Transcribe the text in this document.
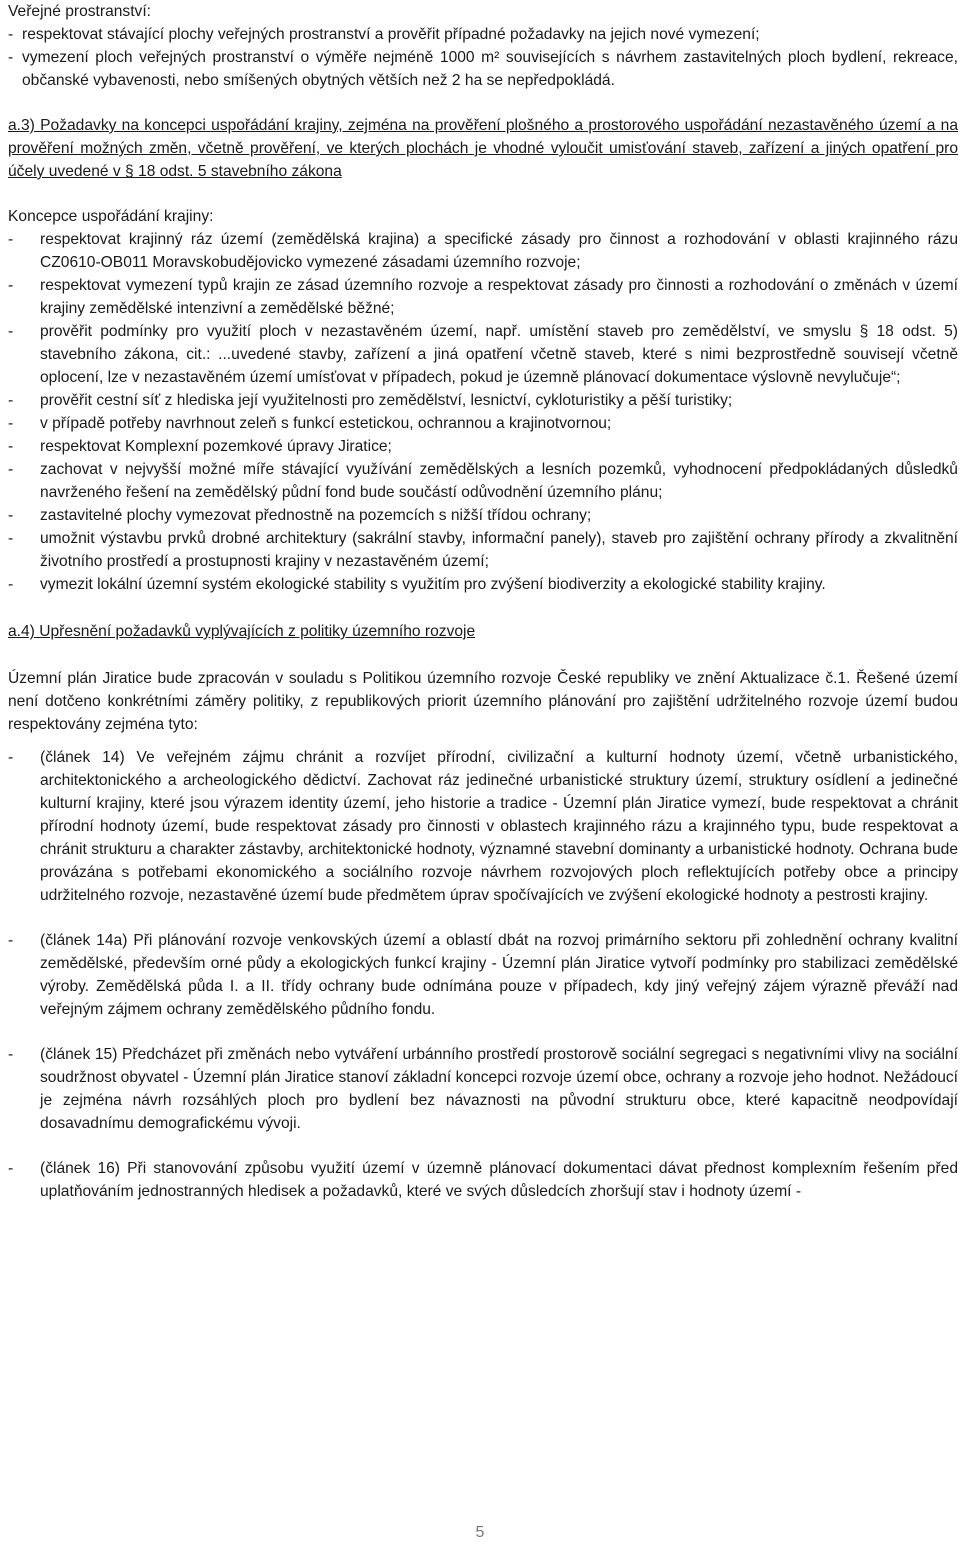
Veřejné prostranství:

- respektovat stávající plochy veřejných prostranství a prověřit případné požadavky na jejich nové vymezení;
- vymezení ploch veřejných prostranství o výměře nejméně 1000 m² souvisejících s návrhem zastavitelných ploch bydlení, rekreace, občanské vybavenosti, nebo smíšených obytných větších než 2 ha se nepředpokládá.

a.3) Požadavky na koncepci uspořádání krajiny, zejména na prověření plošného a prostorového uspořádání nezastavěného území a na prověření možných změn, včetně prověření, ve kterých plochách je vhodné vyloučit umisťování staveb, zařízení a jiných opatření pro účely uvedené v § 18 odst. 5 stavebního zákona

Koncepce uspořádání krajiny:

-	respektovat krajinný ráz území (zemědělská krajina) a specifické zásady pro činnost a rozhodování v oblasti krajinného rázu CZ0610-OB011 Moravskobudějovicko vymezené zásadami územního rozvoje;
-	respektovat vymezení typů krajin ze zásad územního rozvoje a respektovat zásady pro činnosti a rozhodování o změnách v území krajiny zemědělské intenzivní a zemědělské běžné;
-	prověřit podmínky pro využití ploch v nezastavěném území, např. umístění staveb pro zemědělství, ve smyslu § 18 odst. 5) stavebního zákona, cit.: ...uvedené stavby, zařízení a jiná opatření včetně staveb, které s nimi bezprostředně souvisejí včetně oplocení, lze v nezastavěném území umísťovat v případech, pokud je územně plánovací dokumentace výslovně nevylučuje“;
-	prověřit cestní síť z hlediska její využitelnosti pro zemědělství, lesnictví, cykloturistiky a pěší turistiky;
-	v případě potřeby navrhnout zeleň s funkcí estetickou, ochrannou a krajinotvornou;
-	respektovat Komplexní pozemkové úpravy Jiratice;
-	zachovat v nejvyšší možné míře stávající využívání zemědělských a lesních pozemků, vyhodnocení předpokládaných důsledků navrženého řešení na zemědělský půdní fond bude součástí odůvodnění územního plánu;
-	zastavitelné plochy vymezovat přednostně na pozemcích s nižší třídou ochrany;
-	umožnit výstavbu prvků drobné architektury (sakrální stavby, informační panely), staveb pro zajištění ochrany přírody a zkvalitnění životního prostředí a prostupnosti krajiny v nezastavěném území;
-	vymezit lokální územní systém ekologické stability s využitím pro zvýšení biodiverzity a ekologické stability krajiny.

a.4) Upřesnění požadavků vyplývajících z politiky územního rozvoje

Územní plán Jiratice bude zpracován v souladu s Politikou územního rozvoje České republiky ve znění Aktualizace č.1. Řešené území není dotčeno konkrétními záměry politiky, z republikových priorit územního plánování pro zajištění udržitelného rozvoje území budou respektovány zejména tyto:

-	(článek 14) Ve veřejném zájmu chránit a rozvíjet přírodní, civilizační a kulturní hodnoty území, včetně urbanistického, architektonického a archeologického dědictví. Zachovat ráz jedinečné urbanistické struktury území, struktury osídlení a jedinečné kulturní krajiny, které jsou výrazem identity území, jeho historie a tradice - Územní plán Jiratice vymezí, bude respektovat a chránit přírodní hodnoty území, bude respektovat zásady pro činnosti v oblastech krajinného rázu a krajinného typu, bude respektovat a chránit strukturu a charakter zástavby, architektonické hodnoty, významné stavební dominanty a urbanistické hodnoty. Ochrana bude provázána s potřebami ekonomického a sociálního rozvoje návrhem rozvojových ploch reflektujících potřeby obce a principy udržitelného rozvoje, nezastavěné území bude předmětem úprav spočívajících ve zvýšení ekologické hodnoty a pestrosti krajiny.
-	(článek 14a) Při plánování rozvoje venkovských území a oblastí dbát na rozvoj primárního sektoru při zohlednění ochrany kvalitní zemědělské, především orné půdy a ekologických funkcí krajiny - Územní plán Jiratice vytvoří podmínky pro stabilizaci zemědělské výroby. Zemědělská půda I. a II. třídy ochrany bude odnímána pouze v případech, kdy jiný veřejný zájem výrazně převáží nad veřejným zájmem ochrany zemědělského půdního fondu.
-	(článek 15) Předcházet při změnách nebo vytváření urbánního prostředí prostorově sociální segregaci s negativními vlivy na sociální soudržnost obyvatel - Územní plán Jiratice stanoví základní koncepci rozvoje území obce, ochrany a rozvoje jeho hodnot. Nežádoucí je zejména návrh rozsáhlých ploch pro bydlení bez návaznosti na původní strukturu obce, které kapacitně neodpovídají dosavadnímu demografickému vývoji.
-	(článek 16) Při stanovování způsobu využití území v územně plánovací dokumentaci dávat přednost komplexním řešením před uplatňováním jednostranných hledisek a požadavků, které ve svých důsledcích zhoršují stav i hodnoty území -
5
